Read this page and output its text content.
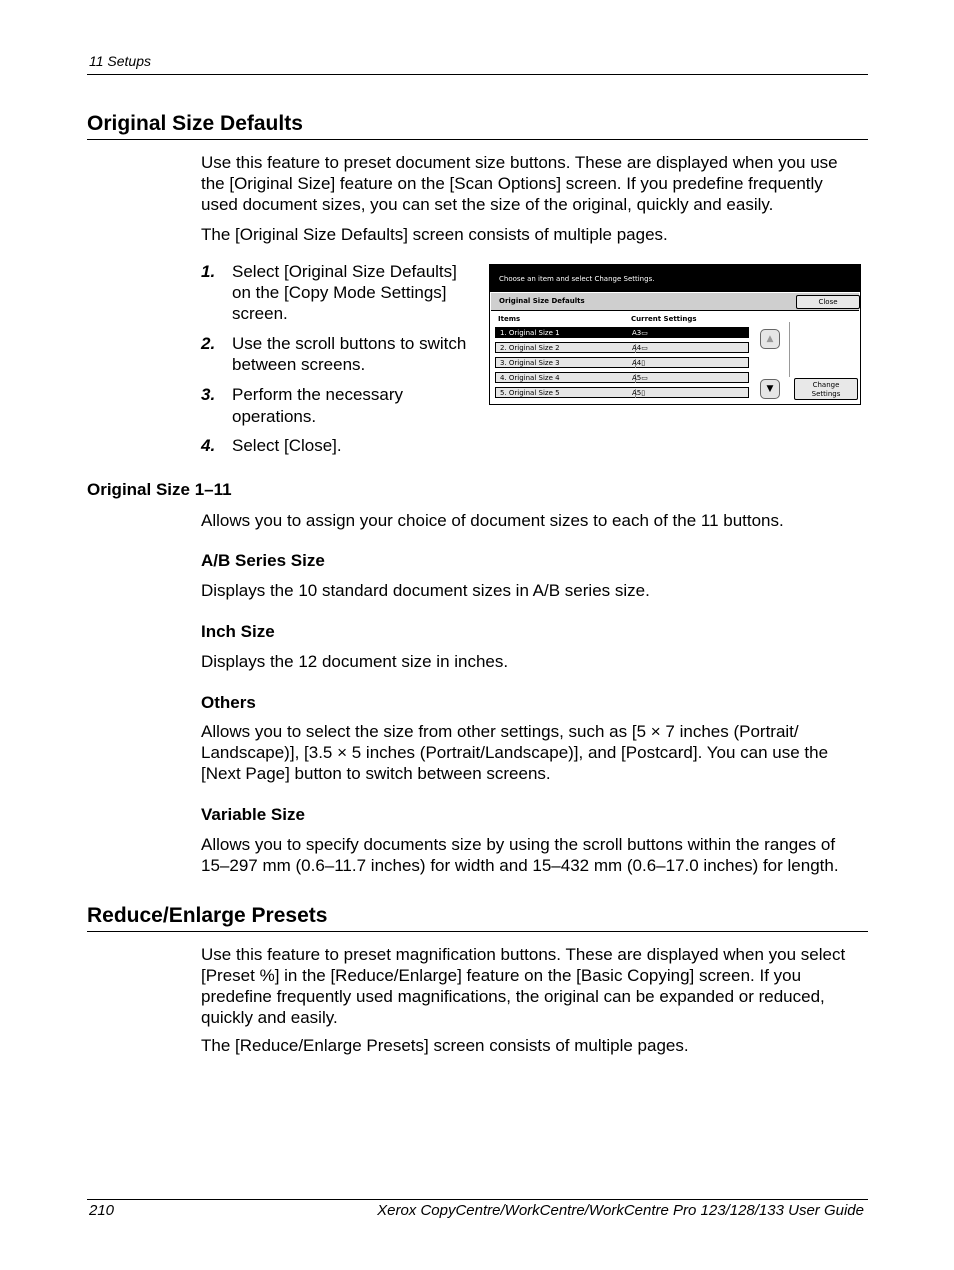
11 Setups
Original Size Defaults

Use this feature to preset document size buttons. These are displayed when you use

the [Original Size] feature on the [Scan Options] screen. If you predefine frequently

used document sizes, you can set the size of the original, quickly and easily.

The [Original Size Defaults] screen consists of multiple pages.

1. Select [Original Size Defaults]
on the [Copy Mode Settings]
screen.
2. Use the scroll buttons to switch
between screens.
3. Perform the necessary
operations.
4. Select [Close].
Choose an item and select Change Settings.
Original Size Defaults	Close
Items	Current Settings
1. Original Size 1	A3▭
2. Original Size 2	A4▭
3. Original Size 3	A4▯
4. Original Size 4	A5▭
5. Original Size 5	A5▯
▲
▼	Change
Settings
Original Size 1–11

Allows you to assign your choice of document sizes to each of the 11 buttons.

A/B Series Size

Displays the 10 standard document sizes in A/B series size.

Inch Size

Displays the 12 document size in inches.

Others

Allows you to select the size from other settings, such as [5 × 7 inches (Portrait/

Landscape)], [3.5 × 5 inches (Portrait/Landscape)], and [Postcard]. You can use the

[Next Page] button to switch between screens.

Variable Size

Allows you to specify documents size by using the scroll buttons within the ranges of

15–297 mm (0.6–11.7 inches) for width and 15–432 mm (0.6–17.0 inches) for length.

Reduce/Enlarge Presets

Use this feature to preset magnification buttons. These are displayed when you select

[Preset %] in the [Reduce/Enlarge] feature on the [Basic Copying] screen. If you

predefine frequently used magnifications, the original can be expanded or reduced,

quickly and easily.

The [Reduce/Enlarge Presets] screen consists of multiple pages.

210	Xerox CopyCentre/WorkCentre/WorkCentre Pro 123/128/133 User Guide
